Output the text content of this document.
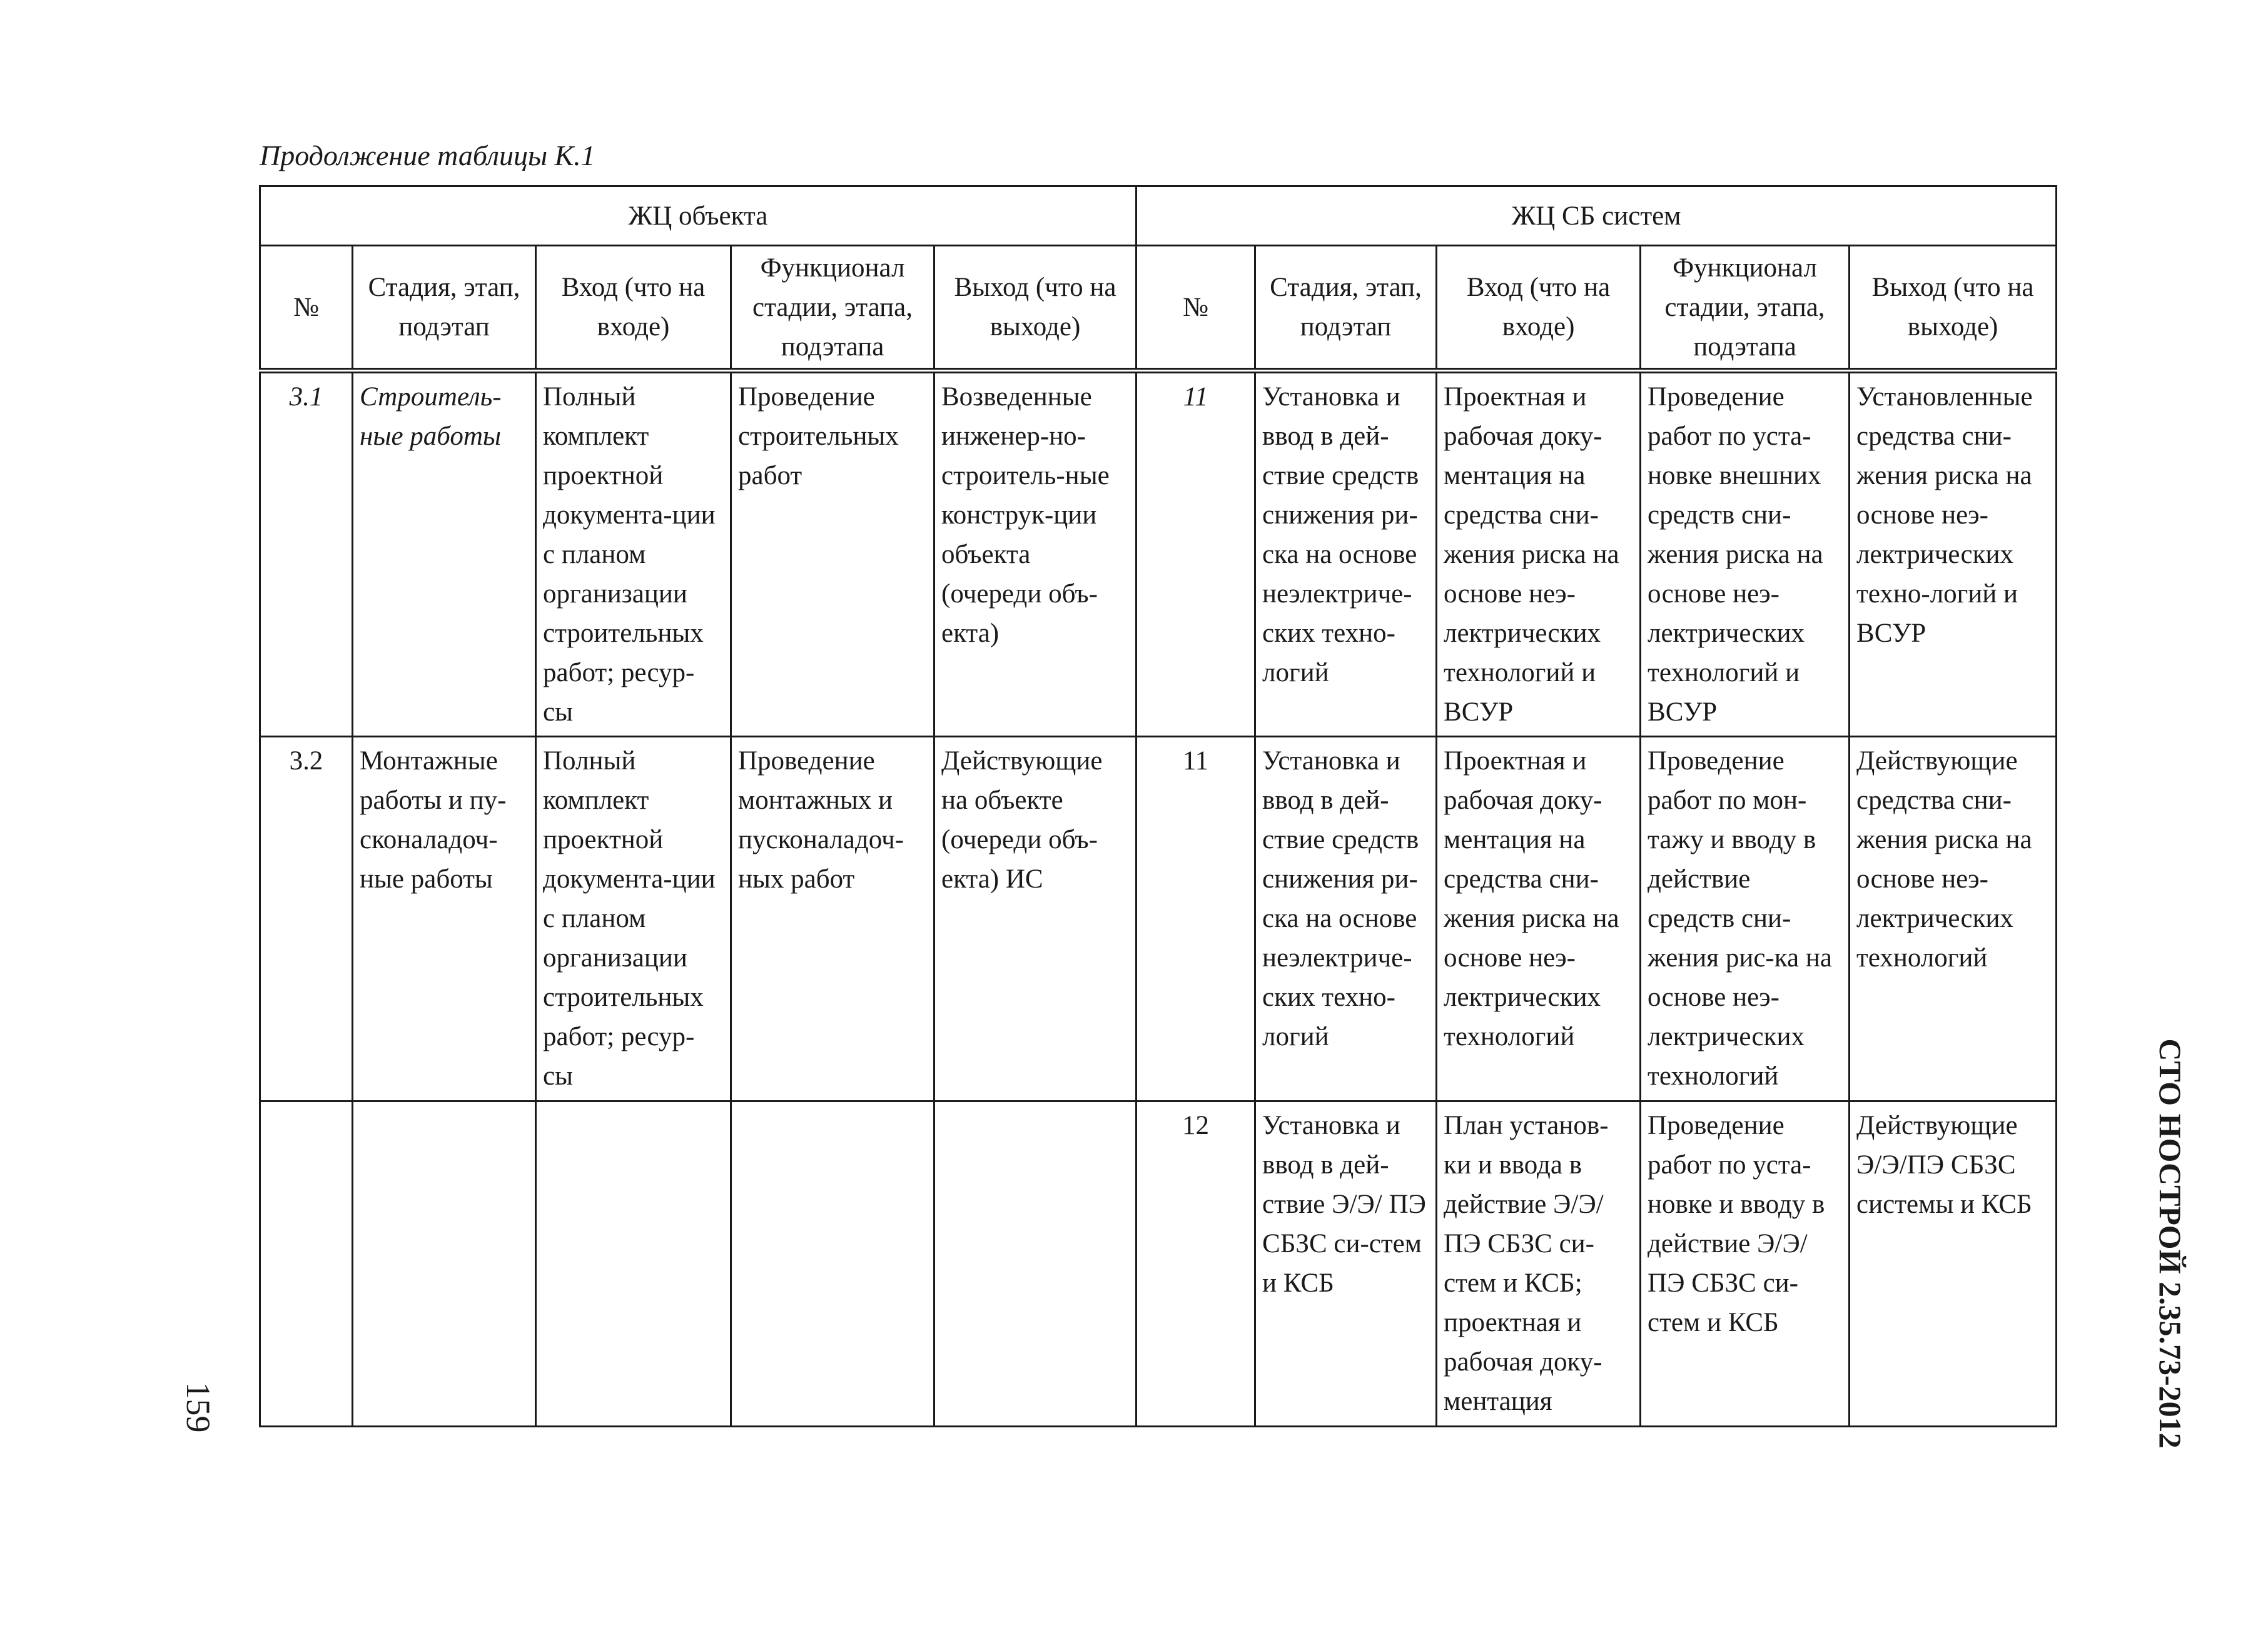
Продолжение таблицы К.1
ЖЦ объекта					ЖЦ СБ систем				
№	Стадия, этап, подэтап	Вход (что на входе)	Функционал стадии, этапа, подэтапа	Выход (что на выходе)	№	Стадия, этап, подэтап	Вход (что на входе)	Функционал стадии, этапа, подэтапа	Выход (что на выходе)
3.1	Строитель-ные работы	Полный комплект проектной документа-ции с планом организации строительных работ; ресур-сы	Проведение строительных работ	Возведенные инженер-но-строитель-ные конструк-ции объекта (очереди объ-екта)	11	Установка и ввод в дей-ствие средств снижения ри-ска на основе неэлектриче-ских техно-логий	Проектная и рабочая доку-ментация на средства сни-жения риска на основе неэ-лектрических технологий и ВСУР	Проведение работ по уста-новке внешних средств сни-жения риска на основе неэ-лектрических технологий и ВСУР	Установленные средства сни-жения риска на основе неэ-лектрических техно-логий и ВСУР
3.2	Монтажные работы и пу-сконаладоч-ные работы	Полный комплект проектной документа-ции с планом организации строительных работ; ресур-сы	Проведение монтажных и пусконаладоч-ных работ	Действующие на объекте (очереди объ-екта) ИС	11	Установка и ввод в дей-ствие средств снижения ри-ска на основе неэлектриче-ских техно-логий	Проектная и рабочая доку-ментация на средства сни-жения риска на основе неэ-лектрических технологий	Проведение работ по мон-тажу и вводу в действие средств сни-жения рис-ка на основе неэ-лектрических технологий	Действующие средства сни-жения риска на основе неэ-лектрических технологий
					12	Установка и ввод в дей-ствие Э/Э/ ПЭ СБЗС си-стем и КСБ	План установ-ки и ввода в действие Э/Э/ ПЭ СБЗС си-стем и КСБ; проектная и рабочая доку-ментация	Проведение работ по уста-новке и вводу в действие Э/Э/ ПЭ СБЗС си-стем и КСБ	Действующие Э/Э/ПЭ СБЗС системы и КСБ
159	СТО НОСТРОЙ 2.35.73-2012
